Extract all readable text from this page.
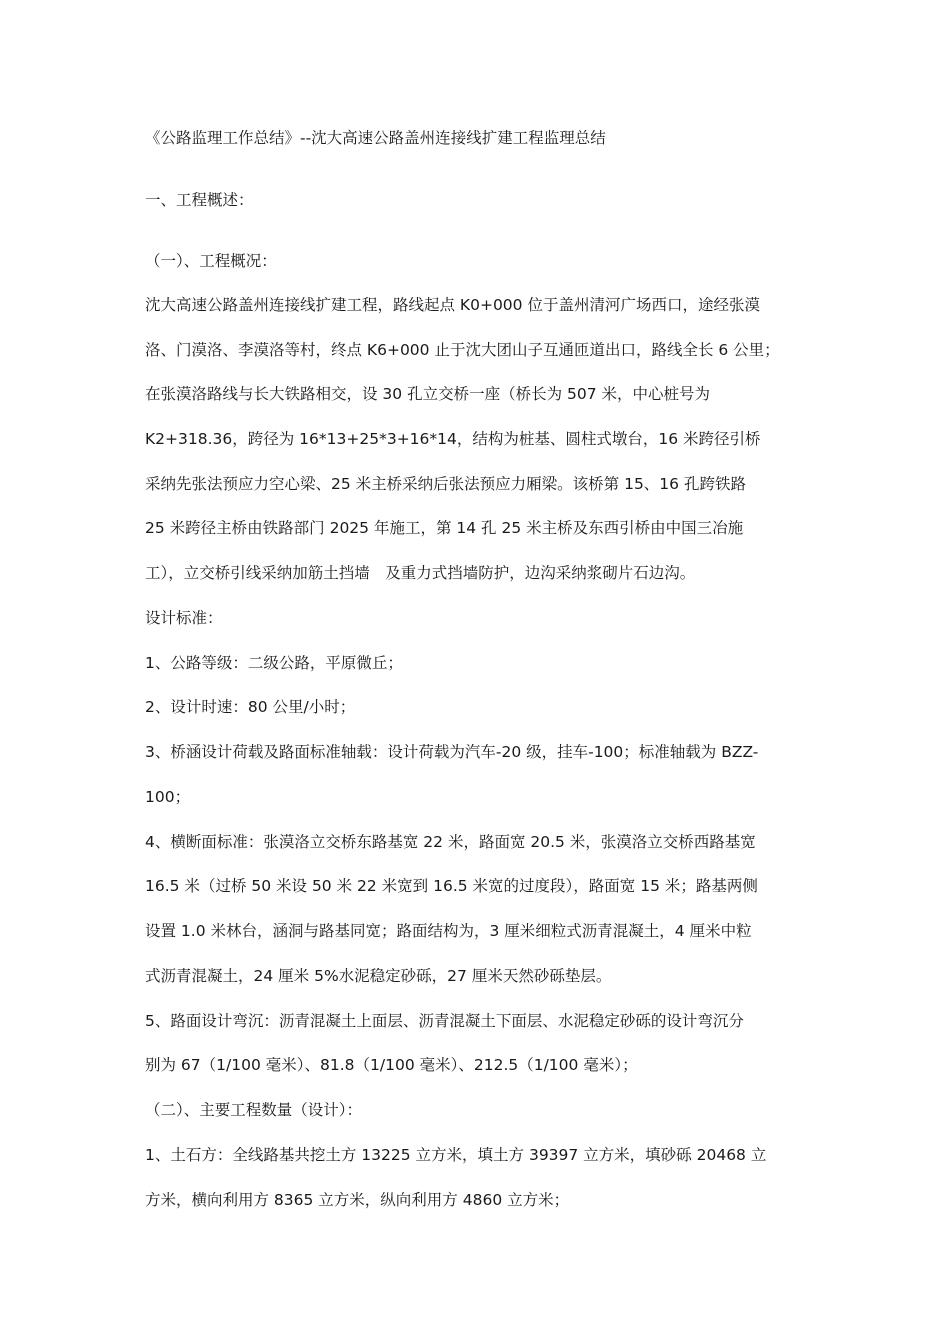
《公路监理工作总结》--沈大高速公路盖州连接线扩建工程监理总结
一、工程概述：
（一）、工程概况：
沈大高速公路盖州连接线扩建工程，路线起点 K0+000 位于盖州清河广场西口，途经张漠
洛、门漠洛、李漠洛等村，终点 K6+000 止于沈大团山子互通匝道出口，路线全长 6 公里；
在张漠洛路线与长大铁路相交，设 30 孔立交桥一座（桥长为 507 米，中心桩号为
K2+318.36，跨径为 16*13+25*3+16*14，结构为桩基、圆柱式墩台，16 米跨径引桥
采纳先张法预应力空心梁、25 米主桥采纳后张法预应力厢梁。该桥第 15、16 孔跨铁路
25 米跨径主桥由铁路部门 2025 年施工，第 14 孔 25 米主桥及东西引桥由中国三冶施
工），立交桥引线采纳加筋土挡墙　及重力式挡墙防护，边沟采纳浆砌片石边沟。
设计标准：
1、公路等级：二级公路，平原微丘；
2、设计时速：80 公里/小时；
3、桥涵设计荷载及路面标准轴载：设计荷载为汽车-20 级，挂车-100；标准轴载为 BZZ-
100；
4、横断面标准：张漠洛立交桥东路基宽 22 米，路面宽 20.5 米，张漠洛立交桥西路基宽
16.5 米（过桥 50 米设 50 米 22 米宽到 16.5 米宽的过度段），路面宽 15 米；路基两侧
设置 1.0 米林台，涵洞与路基同宽；路面结构为，3 厘米细粒式沥青混凝土，4 厘米中粒
式沥青混凝土，24 厘米 5%水泥稳定砂砾，27 厘米天然砂砾垫层。
5、路面设计弯沉：沥青混凝土上面层、沥青混凝土下面层、水泥稳定砂砾的设计弯沉分
别为 67（1/100 毫米）、81.8（1/100 毫米）、212.5（1/100 毫米）；
（二）、主要工程数量（设计）：
1、土石方：全线路基共挖土方 13225 立方米，填土方 39397 立方米，填砂砾 20468 立
方米，横向利用方 8365 立方米，纵向利用方 4860 立方米；
